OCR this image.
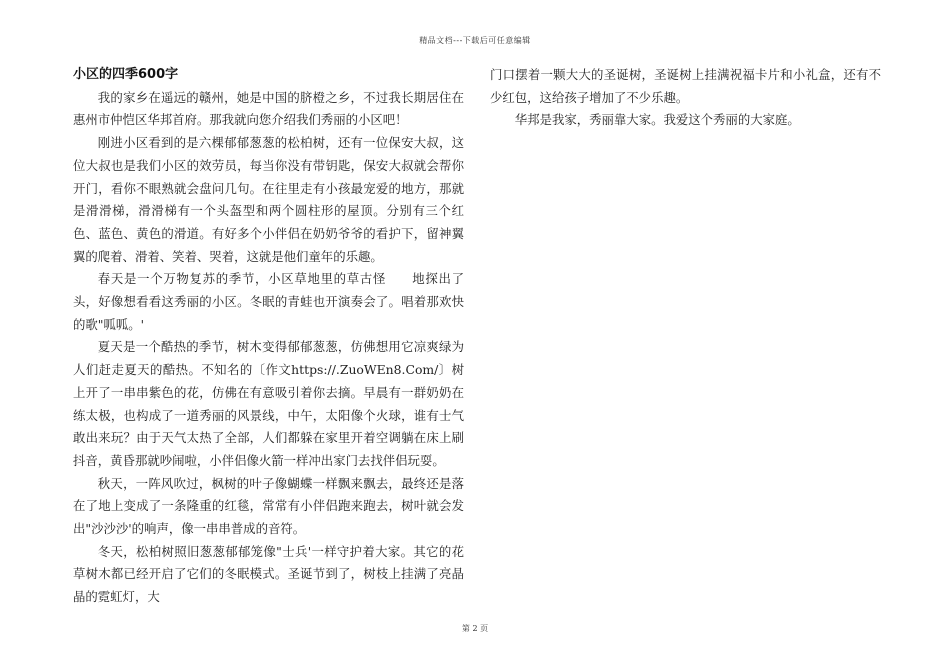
精品文档---下载后可任意编辑
小区的四季600字

我的家乡在遥远的赣州，她是中国的脐橙之乡，不过我长期居住在惠州市仲恺区华邦首府。那我就向您介绍我们秀丽的小区吧！

刚进小区看到的是六棵郁郁葱葱的松柏树，还有一位保安大叔，这位大叔也是我们小区的效劳员，每当你没有带钥匙，保安大叔就会帮你开门，看你不眼熟就会盘问几句。在往里走有小孩最宠爱的地方，那就是滑滑梯，滑滑梯有一个头盔型和两个圆柱形的屋顶。分别有三个红色、蓝色、黄色的滑道。有好多个小伴侣在奶奶爷爷的看护下，留神翼翼的爬着、滑着、笑着、哭着，这就是他们童年的乐趣。

春天是一个万物复苏的季节，小区草地里的草古怪　　地探出了头，好像想看看这秀丽的小区。冬眠的青蛙也开演奏会了。唱着那欢快的歌"呱呱。'

夏天是一个酷热的季节，树木变得郁郁葱葱，仿佛想用它凉爽绿为人们赶走夏天的酷热。不知名的〔作文https://.ZuoWEn8.Com/〕树上开了一串串紫色的花，仿佛在有意吸引着你去摘。早晨有一群奶奶在练太极，也构成了一道秀丽的风景线，中午，太阳像个火球，谁有士气敢出来玩？由于天气太热了全部，人们都躲在家里开着空调躺在床上刷抖音，黄昏那就吵闹啦，小伴侣像火箭一样冲出家门去找伴侣玩耍。

秋天，一阵风吹过，枫树的叶子像蝴蝶一样飘来飘去，最终还是落在了地上变成了一条隆重的红毯，常常有小伴侣跑来跑去，树叶就会发出"沙沙沙'的响声，像一串串普成的音符。

冬天，松柏树照旧葱葱郁郁笼像"士兵'一样守护着大家。其它的花草树木都已经开启了它们的冬眠模式。圣诞节到了，树枝上挂满了亮晶晶的霓虹灯，大

门口摆着一颗大大的圣诞树，圣诞树上挂满祝福卡片和小礼盒，还有不少红包，这给孩子增加了不少乐趣。

华邦是我家，秀丽靠大家。我爱这个秀丽的大家庭。

第 2 页
